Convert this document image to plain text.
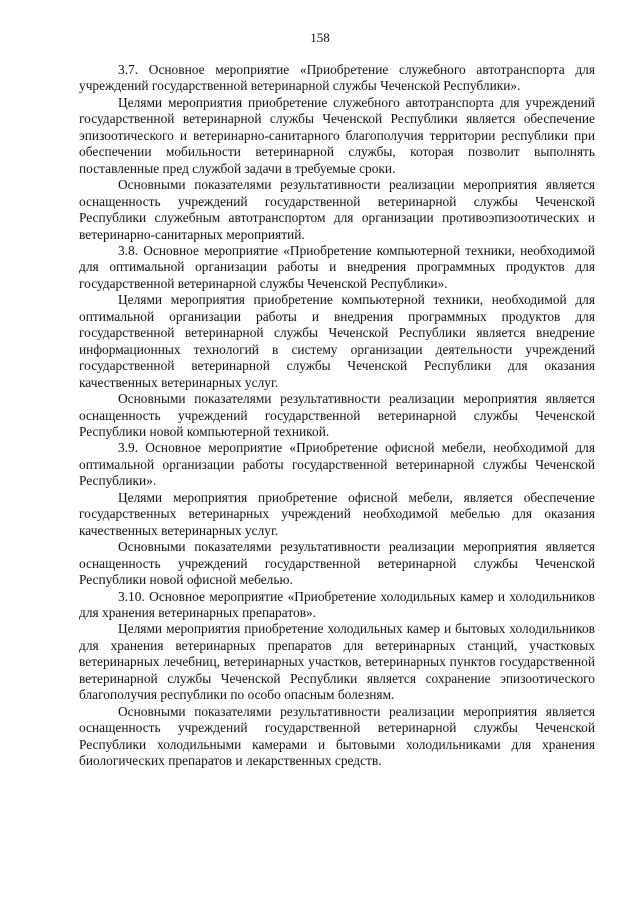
158

3.7. Основное мероприятие «Приобретение служебного автотранспорта для учреждений государственной ветеринарной службы Чеченской Республики».

Целями мероприятия приобретение служебного автотранспорта для учреждений государственной ветеринарной службы Чеченской Республики является обеспечение эпизоотического и ветеринарно-санитарного благополучия территории республики при обеспечении мобильности ветеринарной службы, которая позволит выполнять поставленные пред службой задачи в требуемые сроки.

Основными показателями результативности реализации мероприятия является оснащенность учреждений государственной ветеринарной службы Чеченской Республики служебным автотранспортом для организации противоэпизоотических и ветеринарно-санитарных мероприятий.

3.8. Основное мероприятие «Приобретение компьютерной техники, необходимой для оптимальной организации работы и внедрения программных продуктов для государственной ветеринарной службы Чеченской Республики».

Целями мероприятия приобретение компьютерной техники, необходимой для оптимальной организации работы и внедрения программных продуктов для государственной ветеринарной службы Чеченской Республики является внедрение информационных технологий в систему организации деятельности учреждений государственной ветеринарной службы Чеченской Республики для оказания качественных ветеринарных услуг.

Основными показателями результативности реализации мероприятия является оснащенность учреждений государственной ветеринарной службы Чеченской Республики новой компьютерной техникой.

3.9. Основное мероприятие «Приобретение офисной мебели, необходимой для оптимальной организации работы государственной ветеринарной службы Чеченской Республики».

Целями мероприятия приобретение офисной мебели, является обеспечение государственных ветеринарных учреждений необходимой мебелью для оказания качественных ветеринарных услуг.

Основными показателями результативности реализации мероприятия является оснащенность учреждений государственной ветеринарной службы Чеченской Республики новой офисной мебелью.

3.10. Основное мероприятие «Приобретение холодильных камер и холодильников для хранения ветеринарных препаратов».

Целями мероприятия приобретение холодильных камер и бытовых холодильников для хранения ветеринарных препаратов для ветеринарных станций, участковых ветеринарных лечебниц, ветеринарных участков, ветеринарных пунктов государственной ветеринарной службы Чеченской Республики является сохранение эпизоотического благополучия республики по особо опасным болезням.

Основными показателями результативности реализации мероприятия является оснащенность учреждений государственной ветеринарной службы Чеченской Республики холодильными камерами и бытовыми холодильниками для хранения биологических препаратов и лекарственных средств.
